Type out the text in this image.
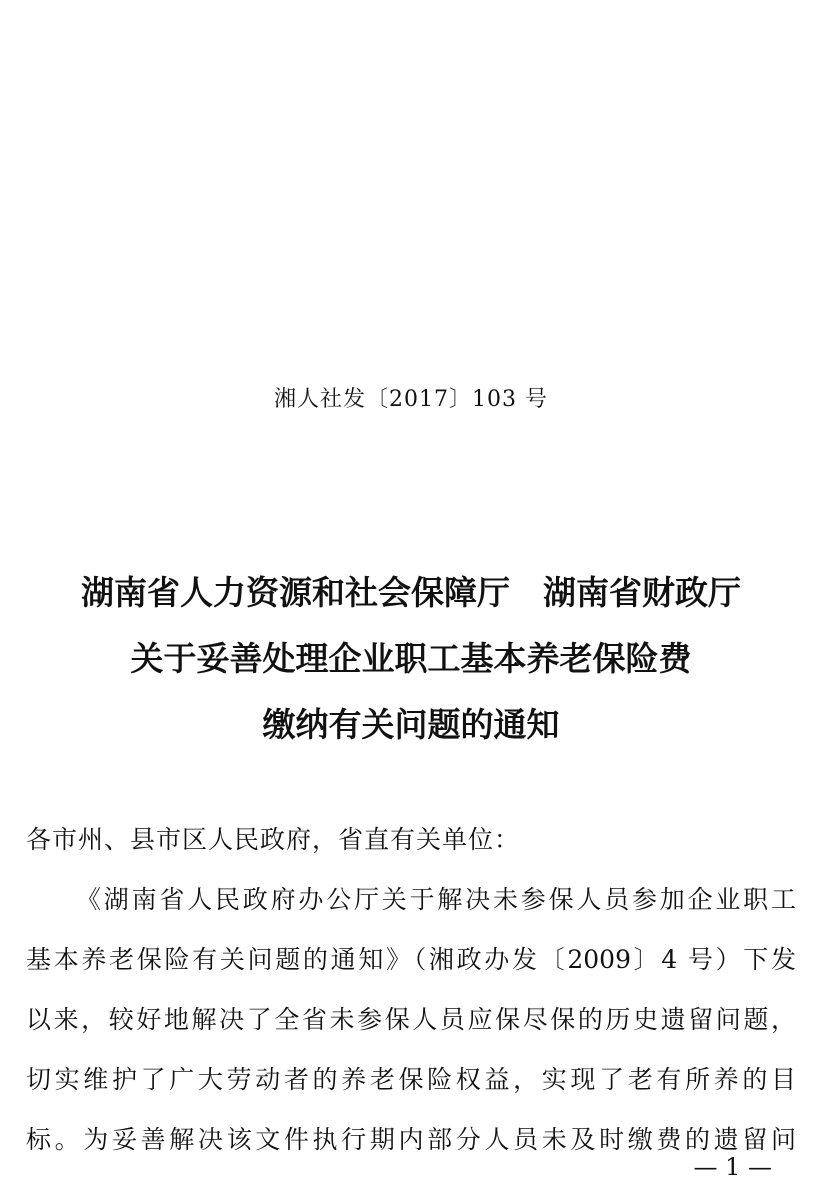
湘人社发〔2017〕103 号
湖南省人力资源和社会保障厅　湖南省财政厅
关于妥善处理企业职工基本养老保险费
缴纳有关问题的通知
各市州、县市区人民政府，省直有关单位：
《湖南省人民政府办公厅关于解决未参保人员参加企业职工
基本养老保险有关问题的通知》（湘政办发〔2009〕4 号）下发
以来，较好地解决了全省未参保人员应保尽保的历史遗留问题，
切实维护了广大劳动者的养老保险权益，实现了老有所养的目
标。为妥善解决该文件执行期内部分人员未及时缴费的遗留问
— 1 —
